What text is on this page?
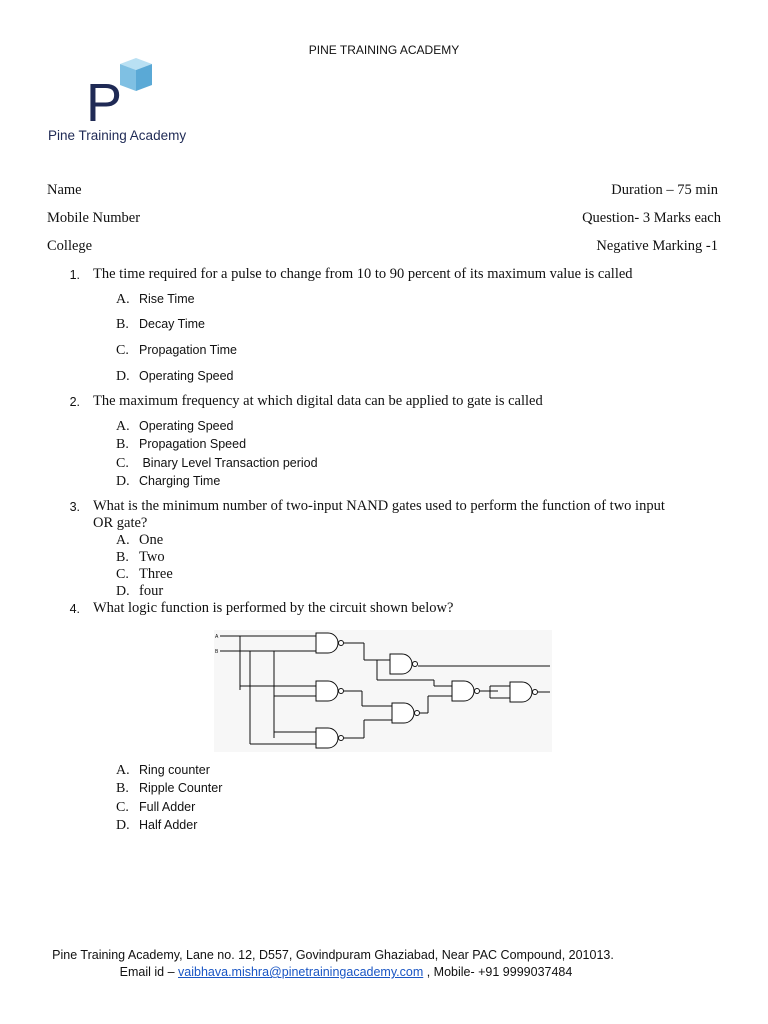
PINE TRAINING ACADEMY
P
Pine Training Academy
Name
Mobile Number
College
Duration – 75 min
Question- 3 Marks each
Negative Marking -1
1. The time required for a pulse to change from 10 to 90 percent of its maximum value is called
A. Rise Time
B. Decay Time
C. Propagation Time
D. Operating Speed
2. The maximum frequency at which digital data can be applied to gate is called
A. Operating Speed
B. Propagation Speed
C. Binary Level Transaction period
D. Charging Time
3. What is the minimum number of two-input NAND gates used to perform the function of two input
OR gate?
A. One
B. Two
C. Three
D. four
4. What logic function is performed by the circuit shown below?
A
B
A. Ring counter
B. Ripple Counter
C. Full Adder
D. Half Adder
Pine Training Academy, Lane no. 12, D557, Govindpuram Ghaziabad, Near PAC Compound, 201013.
Email id – vaibhava.mishra@pinetrainingacademy.com , Mobile- +91 9999037484
